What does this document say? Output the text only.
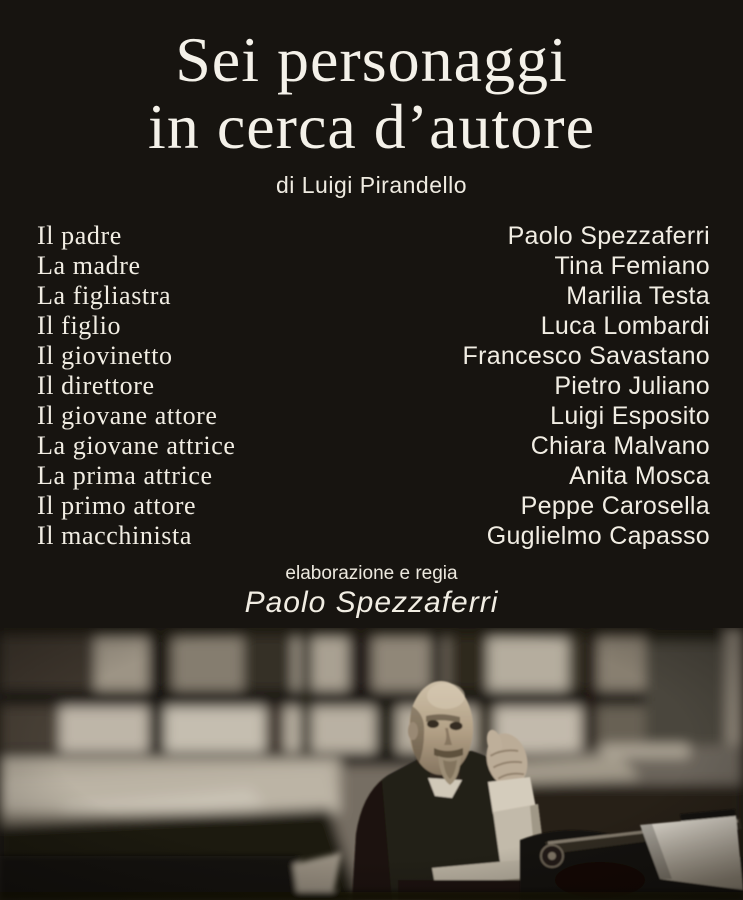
Sei personaggi
in cerca d’autore
di Luigi Pirandello
Il padre	Paolo Spezzaferri
La madre	Tina Femiano
La figliastra	Marilia Testa
Il figlio	Luca Lombardi
Il giovinetto	Francesco Savastano
Il direttore	Pietro Juliano
Il giovane attore	Luigi Esposito
La giovane attrice	Chiara Malvano
La prima attrice	Anita Mosca
Il primo attore	Peppe Carosella
Il macchinista	Guglielmo Capasso
elaborazione e regia
Paolo Spezzaferri
